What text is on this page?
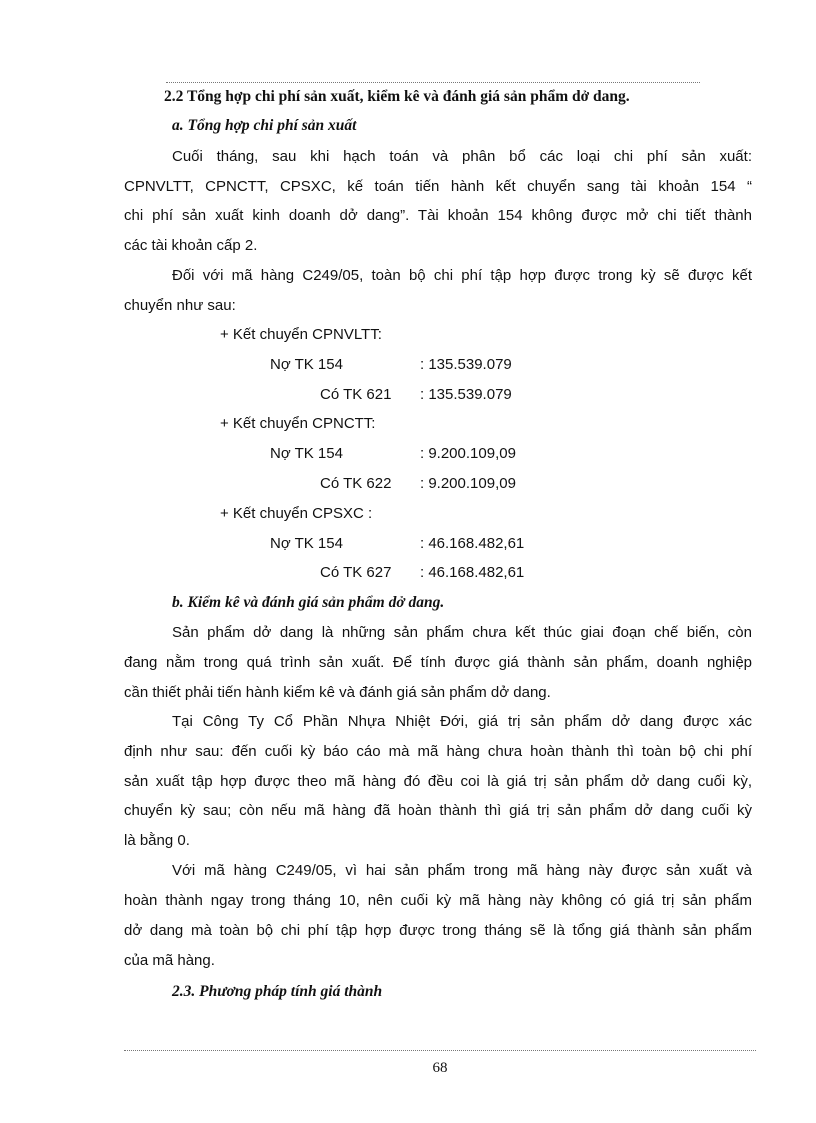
2.2 Tổng hợp chi phí sản xuất, kiểm kê và đánh giá sản phẩm dở dang.
a. Tổng hợp chi phí sản xuất
Cuối tháng, sau khi hạch toán và phân bổ các loại chi phí sản xuất:
CPNVLTT, CPNCTT, CPSXC, kế toán tiến hành kết chuyển sang tài khoản 154 “
chi phí sản xuất kinh doanh dở dang”. Tài khoản 154 không được mở chi tiết thành
các tài khoản cấp 2.
Đối với mã hàng C249/05, toàn bộ chi phí tập hợp được trong kỳ sẽ được kết
chuyển như sau:
+ Kết chuyển CPNVLTT:
Nợ TK 154	: 135.539.079
Có TK 621 : 135.539.079
+ Kết chuyển CPNCTT:
Nợ TK 154	: 9.200.109,09
Có TK 622 : 9.200.109,09
+ Kết chuyển CPSXC :
Nợ TK 154	: 46.168.482,61
Có TK 627 : 46.168.482,61
b. Kiểm kê và đánh giá sản phẩm dở dang.
Sản phẩm dở dang là những sản phẩm chưa kết thúc giai đoạn chế biến, còn
đang nằm trong quá trình sản xuất. Để tính được giá thành sản phẩm, doanh nghiệp
cần thiết phải tiến hành kiểm kê và đánh giá sản phẩm dở dang.
Tại Công Ty Cổ Phần Nhựa Nhiệt Đới, giá trị sản phẩm dở dang được xác
định như sau: đến cuối kỳ báo cáo mà mã hàng chưa hoàn thành thì toàn bộ chi phí
sản xuất tập hợp được theo mã hàng đó đều coi là giá trị sản phẩm dở dang cuối kỳ,
chuyển kỳ sau; còn nếu mã hàng đã hoàn thành thì giá trị sản phẩm dở dang cuối kỳ
là bằng 0.
Với mã hàng C249/05, vì hai sản phẩm trong mã hàng này được sản xuất và
hoàn thành ngay trong tháng 10, nên cuối kỳ mã hàng này không có giá trị sản phẩm
dở dang mà toàn bộ chi phí tập hợp được trong tháng sẽ là tổng giá thành sản phẩm
của mã hàng.
2.3. Phương pháp tính giá thành
68
